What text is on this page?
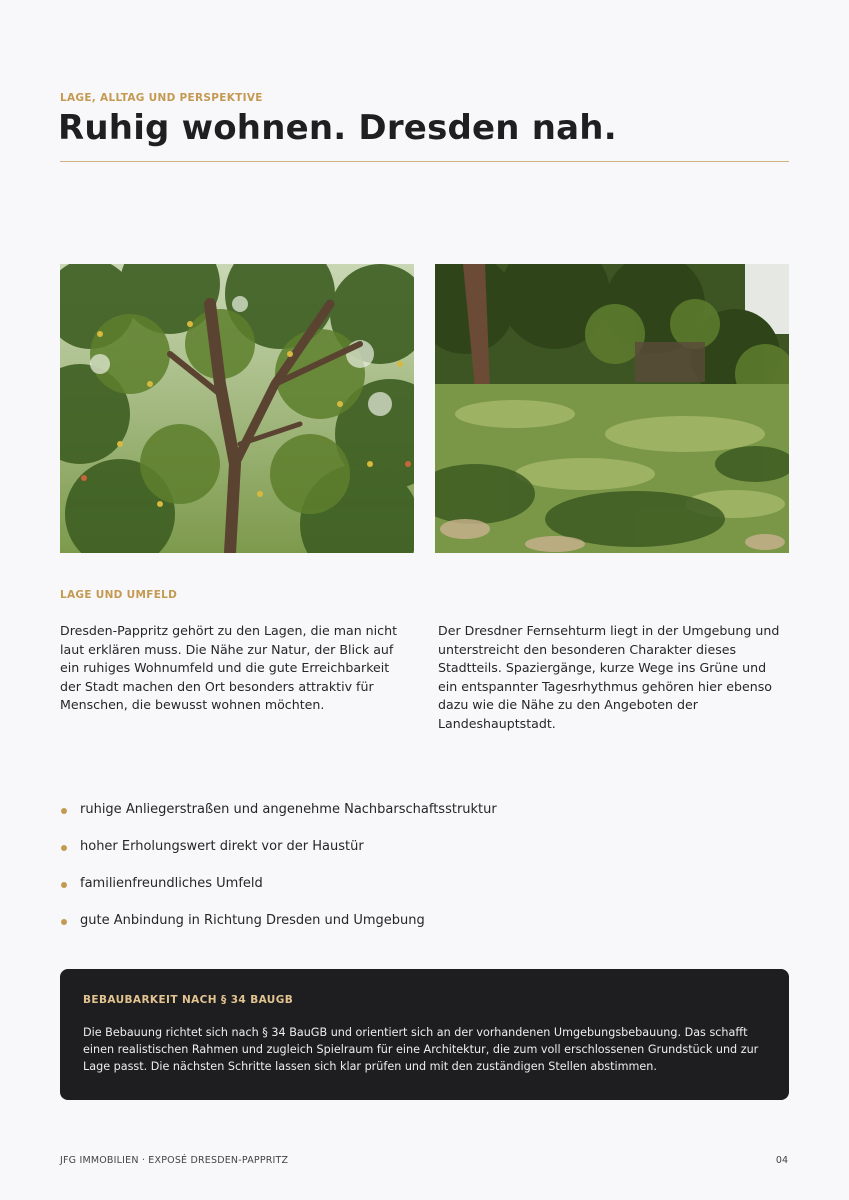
LAGE, ALLTAG UND PERSPEKTIVE
Ruhig wohnen. Dresden nah.
LAGE UND UMFELD

Dresden-Pappritz gehört zu den Lagen, die man nicht laut erklären muss. Die Nähe zur Natur, der Blick auf ein ruhiges Wohnumfeld und die gute Erreichbarkeit der Stadt machen den Ort besonders attraktiv für Menschen, die bewusst wohnen möchten.

Der Dresdner Fernsehturm liegt in der Umgebung und unterstreicht den besonderen Charakter dieses Stadtteils. Spaziergänge, kurze Wege ins Grüne und ein entspannter Tagesrhythmus gehören hier ebenso dazu wie die Nähe zu den Angeboten der Landeshauptstadt.

ruhige Anliegerstraßen und angenehme Nachbarschaftsstruktur
hoher Erholungswert direkt vor der Haustür
familienfreundliches Umfeld
gute Anbindung in Richtung Dresden und Umgebung
BEBAUBARKEIT NACH § 34 BAUGB

Die Bebauung richtet sich nach § 34 BauGB und orientiert sich an der vorhandenen Umgebungsbebauung. Das schafft einen realistischen Rahmen und zugleich Spielraum für eine Architektur, die zum voll erschlossenen Grundstück und zur Lage passt. Die nächsten Schritte lassen sich klar prüfen und mit den zuständigen Stellen abstimmen.

JFG IMMOBILIEN · EXPOSÉ DRESDEN-PAPPRITZ	04
